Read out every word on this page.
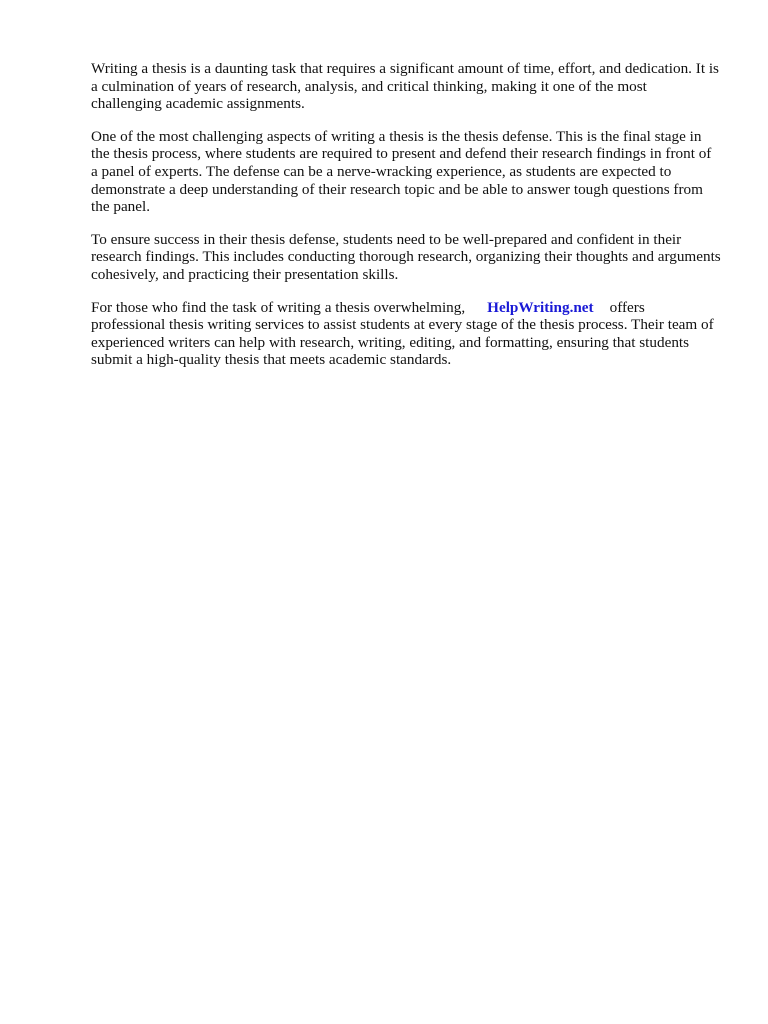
Writing a thesis is a daunting task that requires a significant amount of time, effort, and dedication. It is a culmination of years of research, analysis, and critical thinking, making it one of the most challenging academic assignments.

One of the most challenging aspects of writing a thesis is the thesis defense. This is the final stage in the thesis process, where students are required to present and defend their research findings in front of a panel of experts. The defense can be a nerve-wracking experience, as students are expected to demonstrate a deep understanding of their research topic and be able to answer tough questions from the panel.

To ensure success in their thesis defense, students need to be well-prepared and confident in their research findings. This includes conducting thorough research, organizing their thoughts and arguments cohesively, and practicing their presentation skills.

For those who find the task of writing a thesis overwhelming, HelpWriting.net offers professional thesis writing services to assist students at every stage of the thesis process. Their team of experienced writers can help with research, writing, editing, and formatting, ensuring that students submit a high-quality thesis that meets academic standards.
